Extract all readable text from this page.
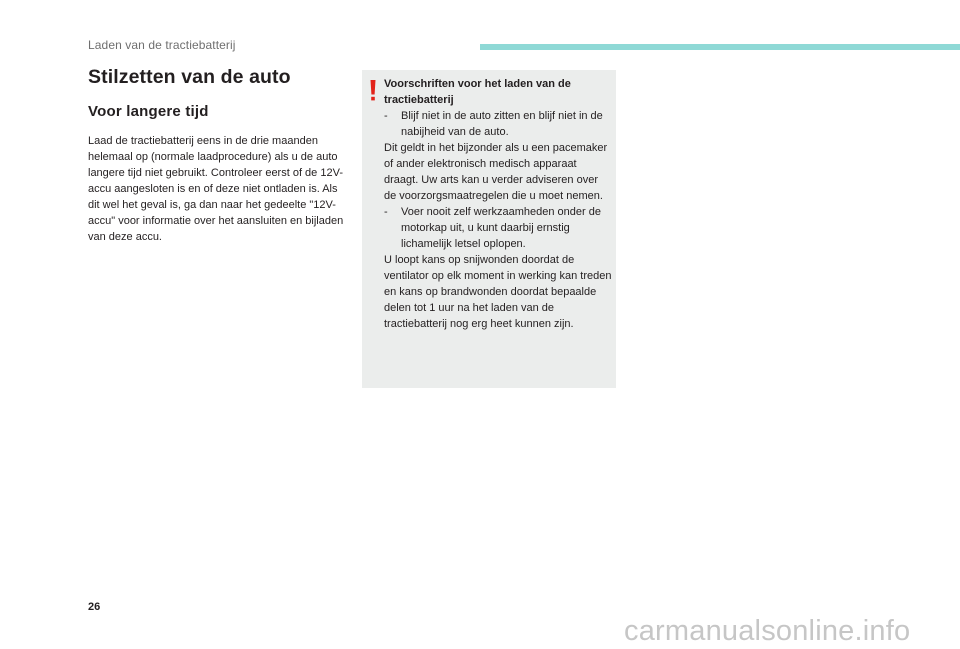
Laden van de tractiebatterij
Stilzetten van de auto
Voor langere tijd

Laad de tractiebatterij eens in de drie maanden helemaal op (normale laadprocedure) als u de auto langere tijd niet gebruikt. Controleer eerst of de 12V-accu aangesloten is en of deze niet ontladen is. Als dit wel het geval is, ga dan naar het gedeelte "12V-accu" voor informatie over het aansluiten en bijladen van deze accu.

Voorschriften voor het laden van de tractiebatterij

-	Blijf niet in de auto zitten en blijf niet in de nabijheid van de auto.

Dit geldt in het bijzonder als u een pacemaker of ander elektronisch medisch apparaat draagt. Uw arts kan u verder adviseren over de voorzorgsmaatregelen die u moet nemen.

-	Voer nooit zelf werkzaamheden onder de motorkap uit, u kunt daarbij ernstig lichamelijk letsel oplopen.

U loopt kans op snijwonden doordat de ventilator op elk moment in werking kan treden en kans op brandwonden doordat bepaalde delen tot 1 uur na het laden van de tractiebatterij nog erg heet kunnen zijn.

26
carmanualsonline.info
